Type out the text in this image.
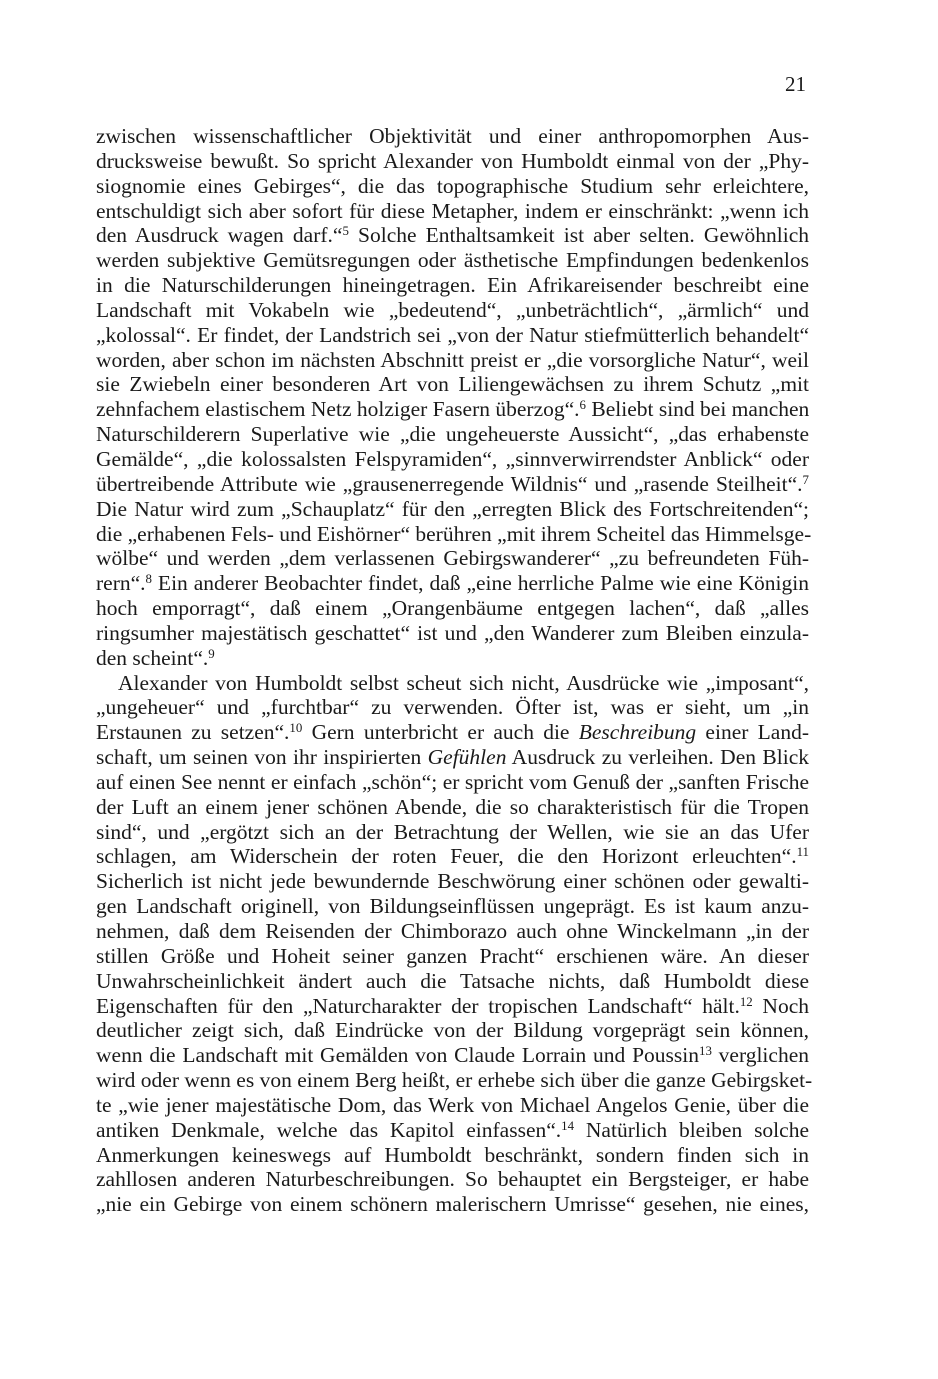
21
zwischen wissenschaftlicher Objektivität und einer anthropomorphen Aus-
drucksweise bewußt. So spricht Alexander von Humboldt einmal von der „Phy-
siognomie eines Gebirges“, die das topographische Studium sehr erleichtere,
entschuldigt sich aber sofort für diese Metapher, indem er einschränkt: „wenn ich
den Ausdruck wagen darf.“$^5$ Solche Enthaltsamkeit ist aber selten. Gewöhnlich
werden subjektive Gemütsregungen oder ästhetische Empfindungen bedenkenlos
in die Naturschilderungen hineingetragen. Ein Afrikareisender beschreibt eine
Landschaft mit Vokabeln wie „bedeutend“, „unbeträchtlich“, „ärmlich“ und
„kolossal“. Er findet, der Landstrich sei „von der Natur stiefmütterlich behandelt“
worden, aber schon im nächsten Abschnitt preist er „die vorsorgliche Natur“, weil
sie Zwiebeln einer besonderen Art von Liliengewächsen zu ihrem Schutz „mit
zehnfachem elastischem Netz holziger Fasern überzog“.$^6$ Beliebt sind bei manchen
Naturschilderern Superlative wie „die ungeheuerste Aussicht“, „das erhabenste
Gemälde“, „die kolossalsten Felspyramiden“, „sinnverwirrendster Anblick“ oder
übertreibende Attribute wie „grausenerregende Wildnis“ und „rasende Steilheit“.$^7$
Die Natur wird zum „Schauplatz“ für den „erregten Blick des Fortschreitenden“;
die „erhabenen Fels- und Eishörner“ berühren „mit ihrem Scheitel das Himmelsge-
wölbe“ und werden „dem verlassenen Gebirgswanderer“ „zu befreundeten Füh-
rern“.$^8$ Ein anderer Beobachter findet, daß „eine herrliche Palme wie eine Königin
hoch emporragt“, daß einem „Orangenbäume entgegen lachen“, daß „alles
ringsumher majestätisch geschattet“ ist und „den Wanderer zum Bleiben einzula-
den scheint“.$^9$
Alexander von Humboldt selbst scheut sich nicht, Ausdrücke wie „imposant“,
„ungeheuer“ und „furchtbar“ zu verwenden. Öfter ist, was er sieht, um „in
Erstaunen zu setzen“.$^{10}$ Gern unterbricht er auch die Beschreibung einer Land-
schaft, um seinen von ihr inspirierten Gefühlen Ausdruck zu verleihen. Den Blick
auf einen See nennt er einfach „schön“; er spricht vom Genuß der „sanften Frische
der Luft an einem jener schönen Abende, die so charakteristisch für die Tropen
sind“, und „ergötzt sich an der Betrachtung der Wellen, wie sie an das Ufer
schlagen, am Widerschein der roten Feuer, die den Horizont erleuchten“.$^{11}$
Sicherlich ist nicht jede bewundernde Beschwörung einer schönen oder gewalti-
gen Landschaft originell, von Bildungseinflüssen ungeprägt. Es ist kaum anzu-
nehmen, daß dem Reisenden der Chimborazo auch ohne Winckelmann „in der
stillen Größe und Hoheit seiner ganzen Pracht“ erschienen wäre. An dieser
Unwahrscheinlichkeit ändert auch die Tatsache nichts, daß Humboldt diese
Eigenschaften für den „Naturcharakter der tropischen Landschaft“ hält.$^{12}$ Noch
deutlicher zeigt sich, daß Eindrücke von der Bildung vorgeprägt sein können,
wenn die Landschaft mit Gemälden von Claude Lorrain und Poussin$^{13}$ verglichen
wird oder wenn es von einem Berg heißt, er erhebe sich über die ganze Gebirgsket-
te „wie jener majestätische Dom, das Werk von Michael Angelos Genie, über die
antiken Denkmale, welche das Kapitol einfassen“.$^{14}$ Natürlich bleiben solche
Anmerkungen keineswegs auf Humboldt beschränkt, sondern finden sich in
zahllosen anderen Naturbeschreibungen. So behauptet ein Bergsteiger, er habe
„nie ein Gebirge von einem schönern malerischern Umrisse“ gesehen, nie eines,
